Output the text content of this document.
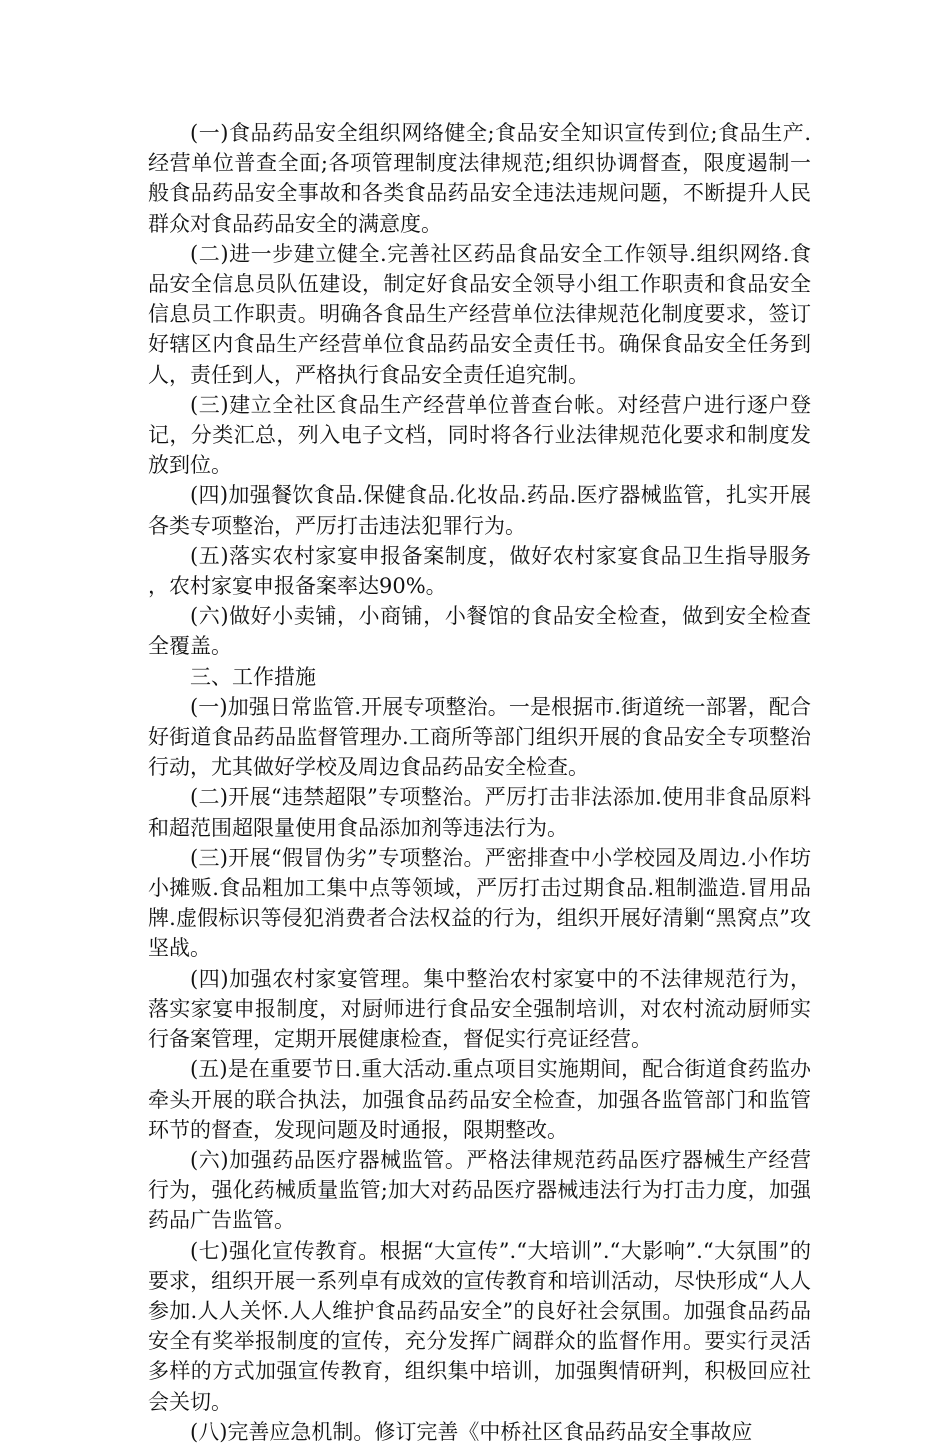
(一)食品药品安全组织网络健全;食品安全知识宣传到位;食品生产.经营单位普查全面;各项管理制度法律规范;组织协调督查，限度遏制一般食品药品安全事故和各类食品药品安全违法违规问题，不断提升人民群众对食品药品安全的满意度。

(二)进一步建立健全.完善社区药品食品安全工作领导.组织网络.食品安全信息员队伍建设，制定好食品安全领导小组工作职责和食品安全信息员工作职责。明确各食品生产经营单位法律规范化制度要求，签订好辖区内食品生产经营单位食品药品安全责任书。确保食品安全任务到人，责任到人，严格执行食品安全责任追究制。

(三)建立全社区食品生产经营单位普查台帐。对经营户进行逐户登记，分类汇总，列入电子文档，同时将各行业法律规范化要求和制度发放到位。

(四)加强餐饮食品.保健食品.化妆品.药品.医疗器械监管，扎实开展各类专项整治，严厉打击违法犯罪行为。

(五)落实农村家宴申报备案制度，做好农村家宴食品卫生指导服务，农村家宴申报备案率达90%。

(六)做好小卖铺，小商铺，小餐馆的食品安全检查，做到安全检查全覆盖。

三、工作措施

(一)加强日常监管.开展专项整治。一是根据市.街道统一部署，配合好街道食品药品监督管理办.工商所等部门组织开展的食品安全专项整治行动，尤其做好学校及周边食品药品安全检查。

(二)开展“违禁超限”专项整治。严厉打击非法添加.使用非食品原料和超范围超限量使用食品添加剂等违法行为。

(三)开展“假冒伪劣”专项整治。严密排查中小学校园及周边.小作坊小摊贩.食品粗加工集中点等领域，严厉打击过期食品.粗制滥造.冒用品牌.虚假标识等侵犯消费者合法权益的行为，组织开展好清剿“黑窝点”攻坚战。

(四)加强农村家宴管理。集中整治农村家宴中的不法律规范行为，落实家宴申报制度，对厨师进行食品安全强制培训，对农村流动厨师实行备案管理，定期开展健康检查，督促实行亮证经营。

(五)是在重要节日.重大活动.重点项目实施期间，配合街道食药监办牵头开展的联合执法，加强食品药品安全检查，加强各监管部门和监管环节的督查，发现问题及时通报，限期整改。

(六)加强药品医疗器械监管。严格法律规范药品医疗器械生产经营行为，强化药械质量监管;加大对药品医疗器械违法行为打击力度，加强药品广告监管。

(七)强化宣传教育。根据“大宣传”.“大培训”.“大影响”.“大氛围”的要求，组织开展一系列卓有成效的宣传教育和培训活动，尽快形成“人人参加.人人关怀.人人维护食品药品安全”的良好社会氛围。加强食品药品安全有奖举报制度的宣传，充分发挥广阔群众的监督作用。要实行灵活多样的方式加强宣传教育，组织集中培训，加强舆情研判，积极回应社会关切。

(八)完善应急机制。修订完善《中桥社区食品药品安全事故应
